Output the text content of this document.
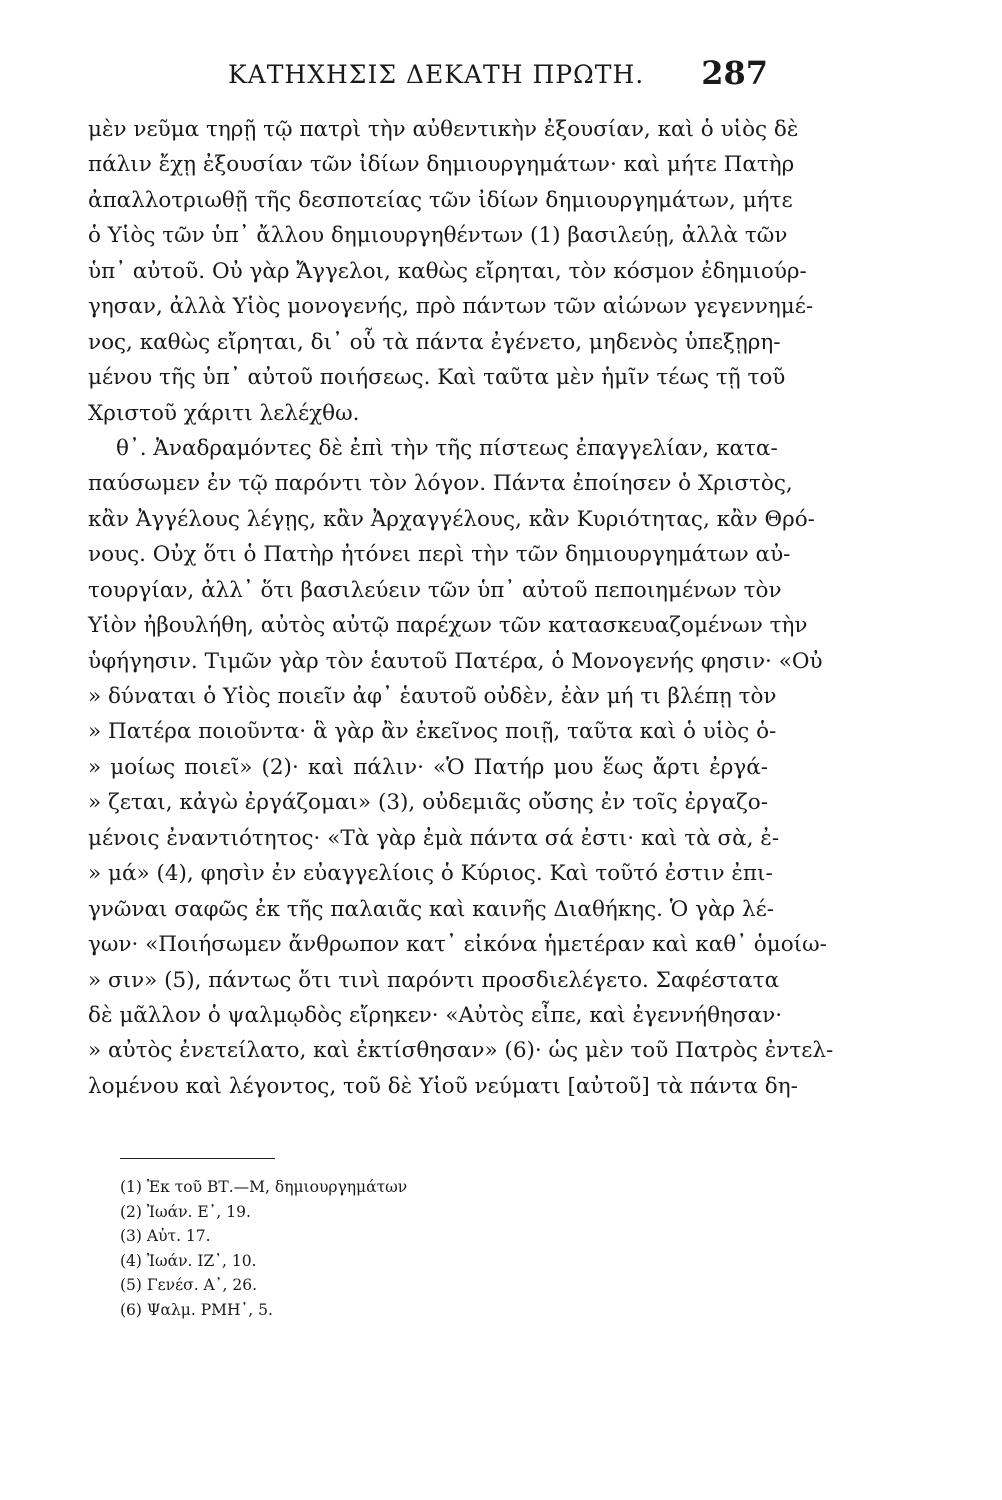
ΚΑΤΗΧΗΣΙΣ ΔΕΚΑΤΗ ΠΡΩΤΗ. 287
μὲν νεῦμα τηρῇ τῷ πατρὶ τὴν αὐθεντικὴν ἐξουσίαν, καὶ ὁ υἱὸς δὲ
πάλιν ἔχῃ ἐξουσίαν τῶν ἰδίων δημιουργημάτων· καὶ μήτε Πατὴρ
ἀπαλλοτριωθῇ τῆς δεσποτείας τῶν ἰδίων δημιουργημάτων, μήτε
ὁ Υἱὸς τῶν ὑπ᾽ ἄλλου δημιουργηθέντων (1) βασιλεύῃ, ἀλλὰ τῶν
ὑπ᾽ αὐτοῦ. Οὐ γὰρ Ἄγγελοι, καθὼς εἴρηται, τὸν κόσμον ἐδημιούρ-
γησαν, ἀλλὰ Υἱὸς μονογενής, πρὸ πάντων τῶν αἰώνων γεγεννημέ-
νος, καθὼς εἴρηται, δι᾽ οὗ τὰ πάντα ἐγένετο, μηδενὸς ὑπεξῃρη-
μένου τῆς ὑπ᾽ αὐτοῦ ποιήσεως. Καὶ ταῦτα μὲν ἡμῖν τέως τῇ τοῦ
Χριστοῦ χάριτι λελέχθω.
θ᾽. Ἀναδραμόντες δὲ ἐπὶ τὴν τῆς πίστεως ἐπαγγελίαν, κατα-
παύσωμεν ἐν τῷ παρόντι τὸν λόγον. Πάντα ἐποίησεν ὁ Χριστὸς,
κἂν Ἀγγέλους λέγῃς, κἂν Ἀρχαγγέλους, κἂν Κυριότητας, κἂν Θρό-
νους. Οὐχ ὅτι ὁ Πατὴρ ἠτόνει περὶ τὴν τῶν δημιουργημάτων αὐ-
τουργίαν, ἀλλ᾽ ὅτι βασιλεύειν τῶν ὑπ᾽ αὐτοῦ πεποιημένων τὸν
Υἱὸν ἠβουλήθη, αὐτὸς αὐτῷ παρέχων τῶν κατασκευαζομένων τὴν
ὑφήγησιν. Τιμῶν γὰρ τὸν ἑαυτοῦ Πατέρα, ὁ Μονογενής φησιν· «Οὐ
» δύναται ὁ Υἱὸς ποιεῖν ἀφ᾽ ἑαυτοῦ οὐδὲν, ἐὰν μή τι βλέπῃ τὸν
» Πατέρα ποιοῦντα· ἃ γὰρ ἂν ἐκεῖνος ποιῇ, ταῦτα καὶ ὁ υἱὸς ὁ-
» μοίως ποιεῖ» (2)· καὶ πάλιν· «Ὁ Πατήρ μου ἕως ἄρτι ἐργά-
» ζεται, κἀγὼ ἐργάζομαι» (3), οὐδεμιᾶς οὔσης ἐν τοῖς ἐργαζο-
μένοις ἐναντιότητος· «Τὰ γὰρ ἐμὰ πάντα σά ἐστι· καὶ τὰ σὰ, ἐ-
» μά» (4), φησὶν ἐν εὐαγγελίοις ὁ Κύριος. Καὶ τοῦτό ἐστιν ἐπι-
γνῶναι σαφῶς ἐκ τῆς παλαιᾶς καὶ καινῆς Διαθήκης. Ὁ γὰρ λέ-
γων· «Ποιήσωμεν ἄνθρωπον κατ᾽ εἰκόνα ἡμετέραν καὶ καθ᾽ ὁμοίω-
» σιν» (5), πάντως ὅτι τινὶ παρόντι προσδιελέγετο. Σαφέστατα
δὲ μᾶλλον ὁ ψαλμῳδὸς εἴρηκεν· «Αὐτὸς εἶπε, καὶ ἐγεννήθησαν·
» αὐτὸς ἐνετείλατο, καὶ ἐκτίσθησαν» (6)· ὡς μὲν τοῦ Πατρὸς ἐντελ-
λομένου καὶ λέγοντος, τοῦ δὲ Υἱοῦ νεύματι [αὐτοῦ] τὰ πάντα δη-
(1) Ἐκ τοῦ ΒΤ.—Μ, δημιουργημάτων
(2) Ἰωάν. Ε᾽, 19.
(3) Αὐτ. 17.
(4) Ἰωάν. ΙΖ᾽, 10.
(5) Γενέσ. Α᾽, 26.
(6) Ψαλμ. ΡΜΗ᾽, 5.
